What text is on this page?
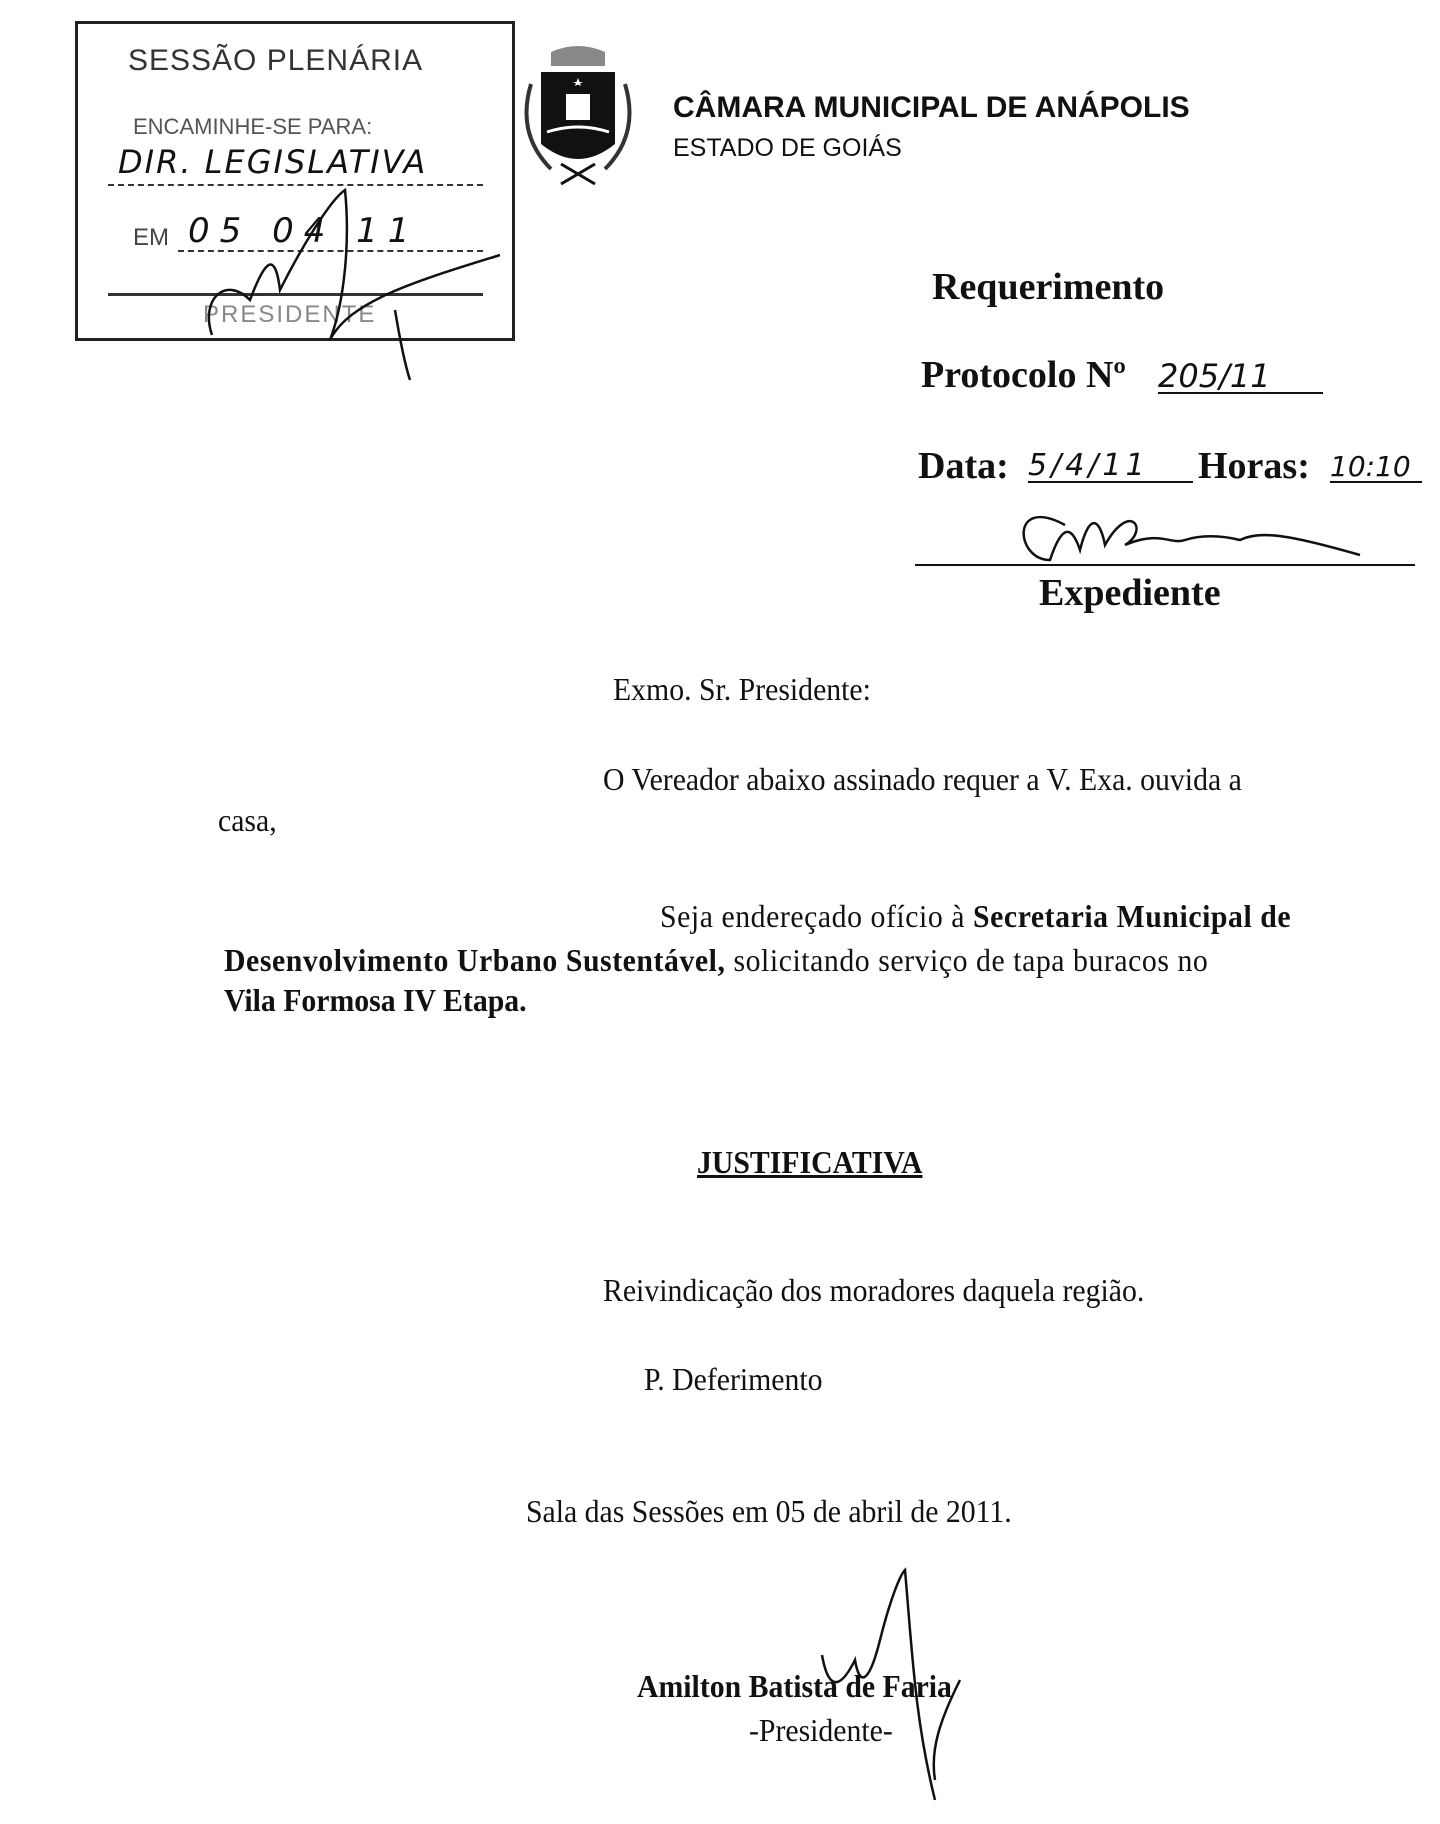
SESSÃO PLENÁRIA
ENCAMINHE-SE PARA:
DIR. LEGISLATIVA
EM 05 04 11
PRESIDENTE
CÂMARA MUNICIPAL DE ANÁPOLIS
ESTADO DE GOIÁS
Requerimento
Protocolo Nº 205/11
Data: 5/4/11	Horas: 10:10
Expediente
Exmo. Sr. Presidente:
O Vereador abaixo assinado requer a V. Exa. ouvida a
casa,
Seja endereçado ofício à Secretaria Municipal de
Desenvolvimento Urbano Sustentável, solicitando serviço de tapa buracos no
Vila Formosa IV Etapa.
JUSTIFICATIVA
Reivindicação dos moradores daquela região.
P. Deferimento
Sala das Sessões em 05 de abril de 2011.
Amilton Batista de Faria
-Presidente-
